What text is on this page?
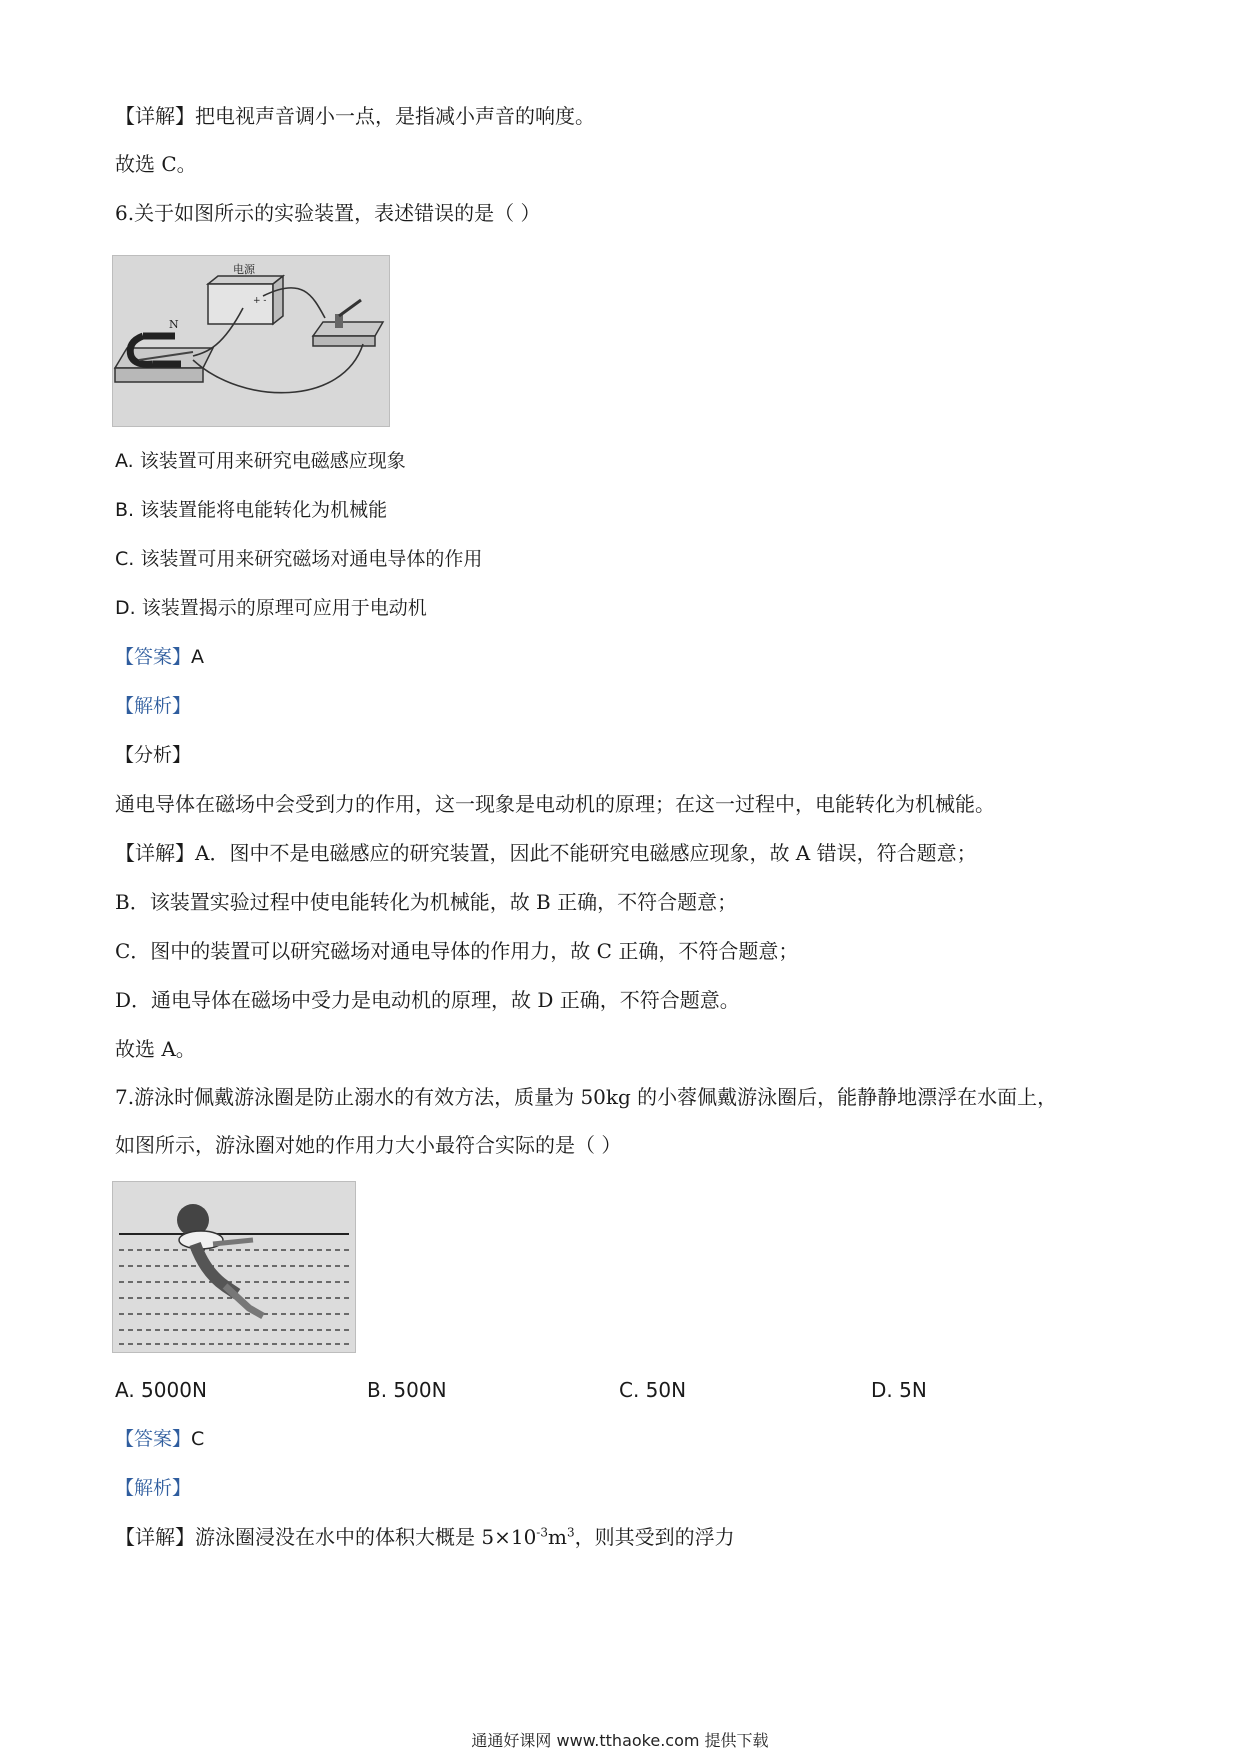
【详解】把电视声音调小一点，是指减小声音的响度。
故选 C。
6.关于如图所示的实验装置，表述错误的是（ ）
电源
+ -
N
A. 该装置可用来研究电磁感应现象
B. 该装置能将电能转化为机械能
C. 该装置可用来研究磁场对通电导体的作用
D. 该装置揭示的原理可应用于电动机
【答案】A
【解析】
【分析】
通电导体在磁场中会受到力的作用，这一现象是电动机的原理；在这一过程中，电能转化为机械能。
【详解】A．图中不是电磁感应的研究装置，因此不能研究电磁感应现象，故 A 错误，符合题意；
B．该装置实验过程中使电能转化为机械能，故 B 正确，不符合题意；
C．图中的装置可以研究磁场对通电导体的作用力，故 C 正确，不符合题意；
D．通电导体在磁场中受力是电动机的原理，故 D 正确，不符合题意。
故选 A。
7.游泳时佩戴游泳圈是防止溺水的有效方法，质量为 50kg 的小蓉佩戴游泳圈后，能静静地漂浮在水面上，
如图所示，游泳圈对她的作用力大小最符合实际的是（ ）
A. 5000N	B. 500N	C. 50N	D. 5N
【答案】C
【解析】
【详解】游泳圈浸没在水中的体积大概是 $5\times 10^{-3}m^3$，则其受到的浮力
通通好课网 www.tthaoke.com 提供下载
